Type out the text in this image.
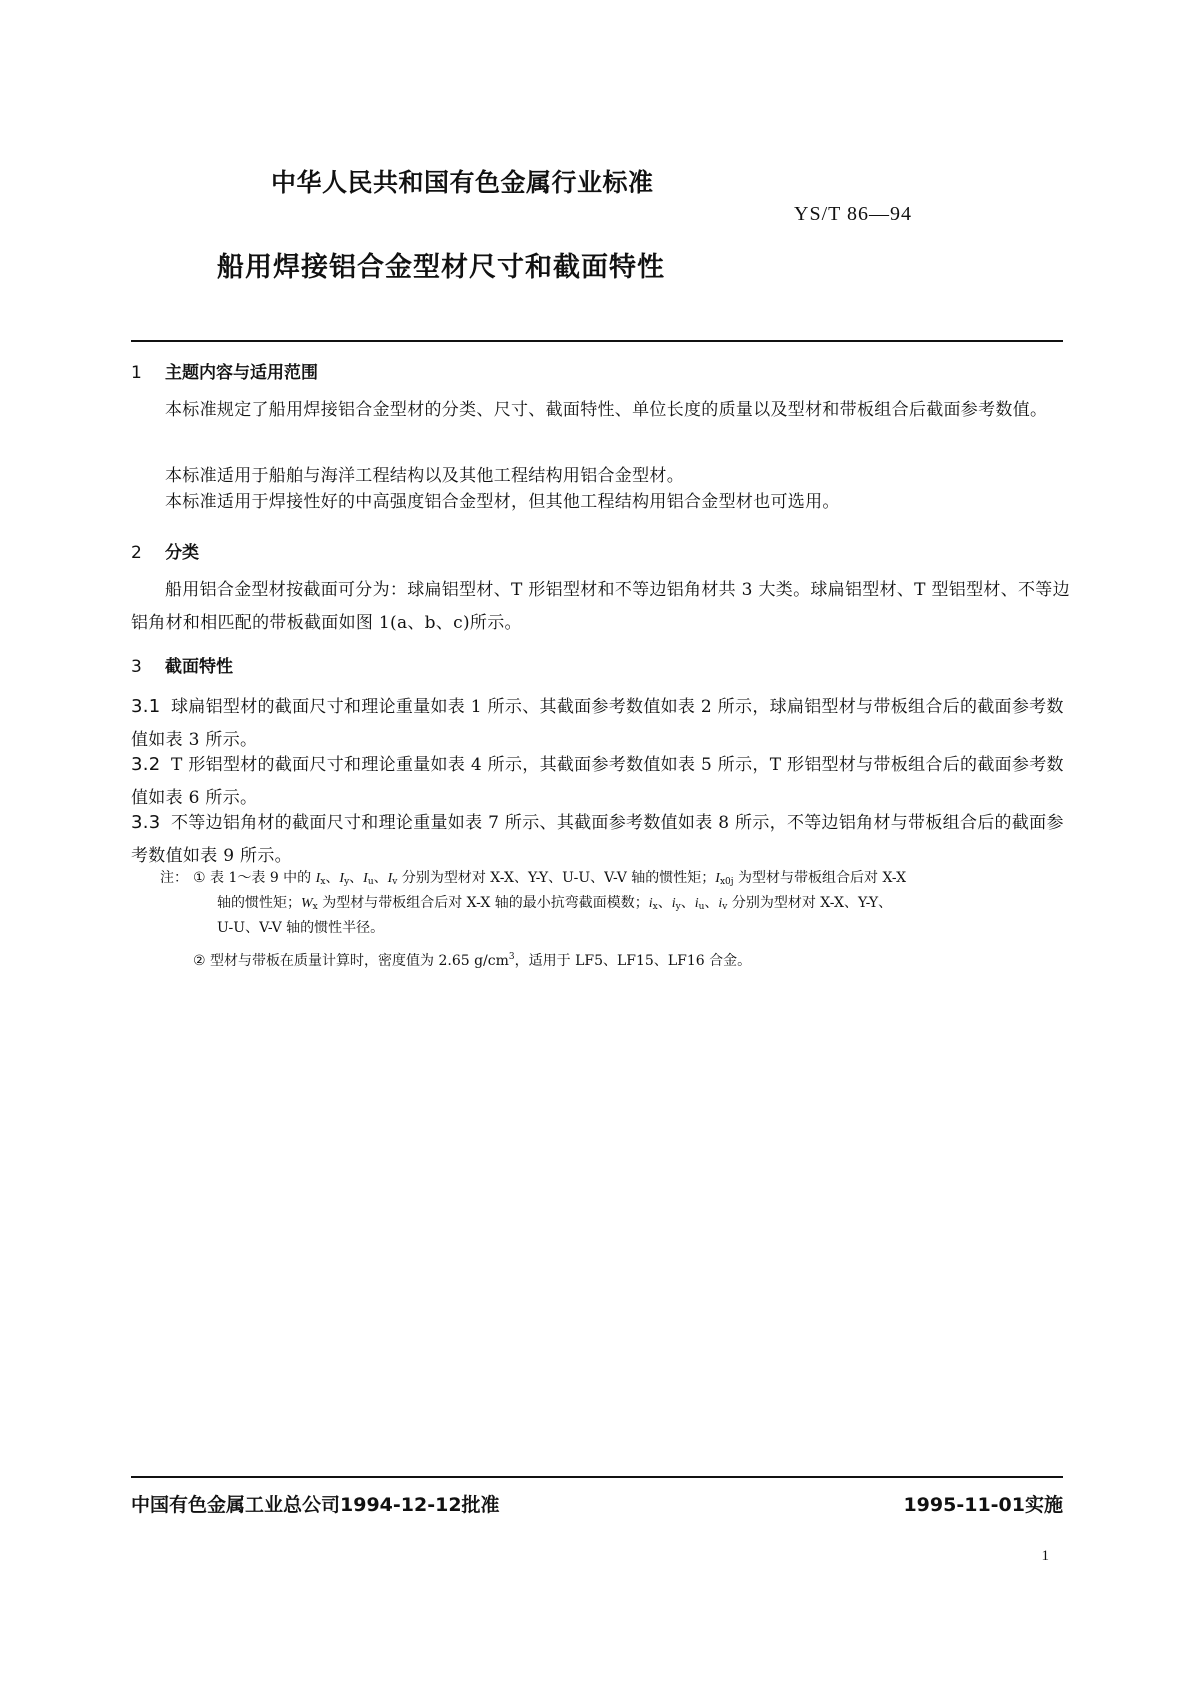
中华人民共和国有色金属行业标准
YS/T 86—94
船用焊接铝合金型材尺寸和截面特性
1 主题内容与适用范围
本标准规定了船用焊接铝合金型材的分类、尺寸、截面特性、单位长度的质量以及型材和带板组合后截面参考数值。
本标准适用于船舶与海洋工程结构以及其他工程结构用铝合金型材。
本标准适用于焊接性好的中高强度铝合金型材，但其他工程结构用铝合金型材也可选用。
2 分类
船用铝合金型材按截面可分为：球扁铝型材、T 形铝型材和不等边铝角材共 3 大类。球扁铝型材、T 型铝型材、不等边铝角材和相匹配的带板截面如图 1(a、b、c)所示。
3 截面特性
3.1 球扁铝型材的截面尺寸和理论重量如表 1 所示、其截面参考数值如表 2 所示，球扁铝型材与带板组合后的截面参考数值如表 3 所示。
3.2 T 形铝型材的截面尺寸和理论重量如表 4 所示，其截面参考数值如表 5 所示，T 形铝型材与带板组合后的截面参考数值如表 6 所示。
3.3 不等边铝角材的截面尺寸和理论重量如表 7 所示、其截面参考数值如表 8 所示，不等边铝角材与带板组合后的截面参考数值如表 9 所示。
注： ① 表 1～表 9 中的 $I_x$、$I_y$、$I_u$、$I_v$ 分别为型材对 X-X、Y-Y、U-U、V-V 轴的惯性矩；$I_{x0j}$ 为型材与带板组合后对 X-X
轴的惯性矩；$W_x$ 为型材与带板组合后对 X-X 轴的最小抗弯截面模数；$i_x$、$i_y$、$i_u$、$i_v$ 分别为型材对 X-X、Y-Y、
U-U、V-V 轴的惯性半径。
② 型材与带板在质量计算时，密度值为 2.65 $g/cm^3$，适用于 LF5、LF15、LF16 合金。
中国有色金属工业总公司1994-12-12批准	1995-11-01实施
1
